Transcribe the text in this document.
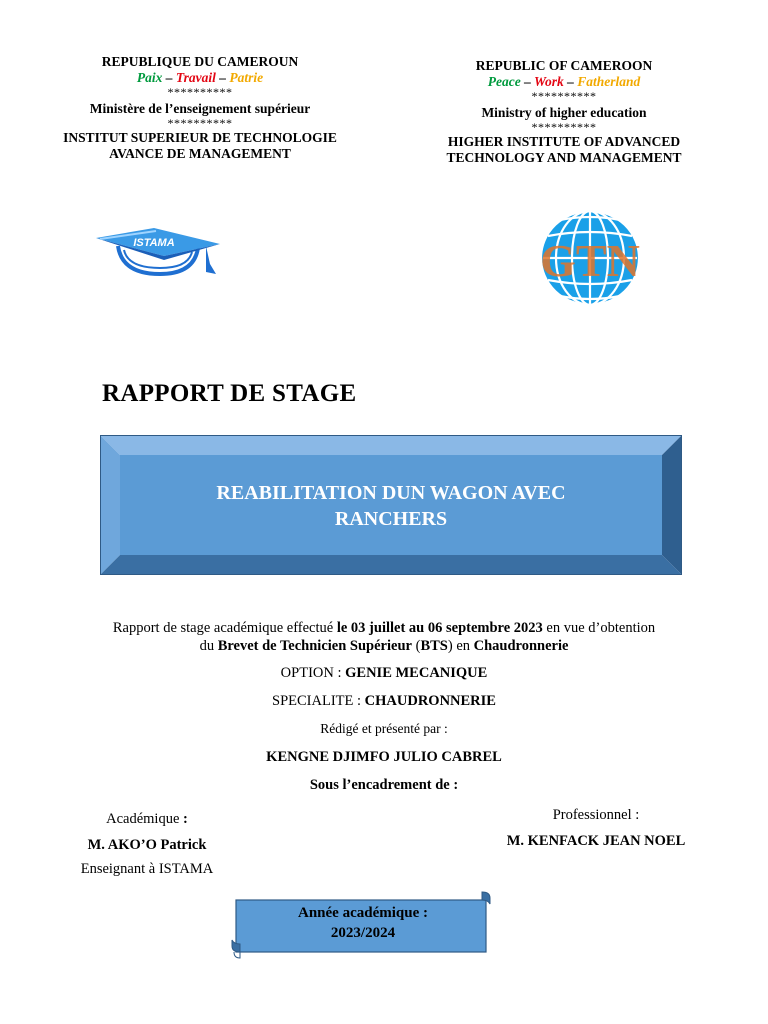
REPUBLIQUE DU CAMEROUN
Paix – Travail – Patrie
**********
Ministère de l’enseignement supérieur
**********
INSTITUT SUPERIEUR DE TECHNOLOGIE
AVANCE DE MANAGEMENT
REPUBLIC OF CAMEROON
Peace – Work – Fatherland
**********
Ministry of higher education
**********
HIGHER INSTITUTE OF ADVANCED
TECHNOLOGY AND MANAGEMENT
ISTAMA	GTN
RAPPORT DE STAGE
REABILITATION DUN WAGON AVEC
RANCHERS
Rapport de stage académique effectué le 03 juillet au 06 septembre 2023 en vue d’obtention
du Brevet de Technicien Supérieur (BTS) en Chaudronnerie
OPTION : GENIE MECANIQUE
SPECIALITE : CHAUDRONNERIE
Rédigé et présenté par :
KENGNE DJIMFO JULIO CABREL
Sous l’encadrement de :
Académique :
M. AKO’O Patrick
Enseignant à ISTAMA
Professionnel :
M. KENFACK JEAN NOEL
Année académique :
2023/2024
